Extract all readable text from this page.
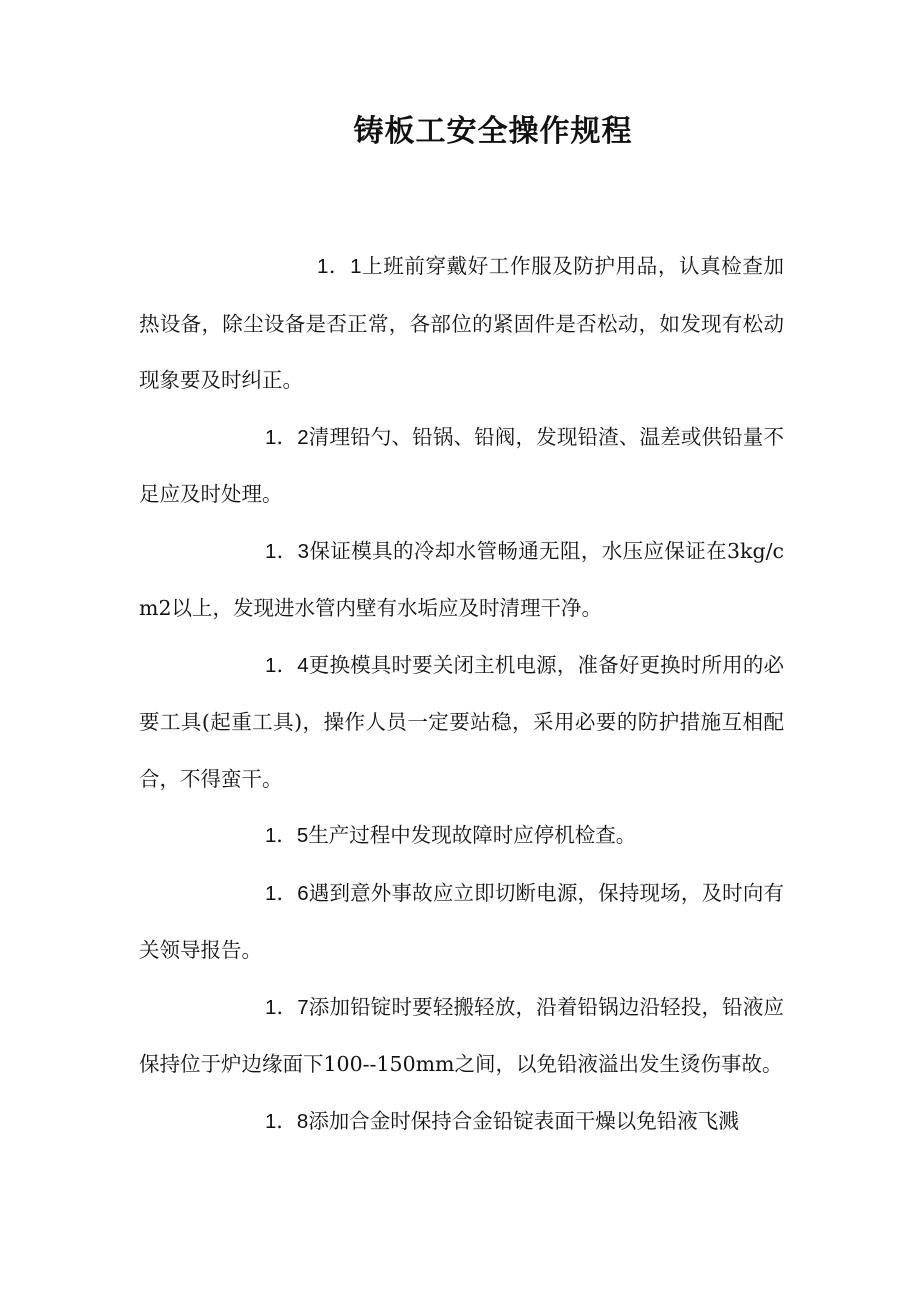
铸板工安全操作规程

1．1上班前穿戴好工作服及防护用品，认真检查加热设备，除尘设备是否正常，各部位的紧固件是否松动，如发现有松动现象要及时纠正。

1．2清理铅勺、铅锅、铅阀，发现铅渣、温差或供铅量不足应及时处理。

1．3保证模具的冷却水管畅通无阻，水压应保证在3kg/cm2以上，发现进水管内壁有水垢应及时清理干净。

1．4更换模具时要关闭主机电源，准备好更换时所用的必要工具(起重工具)，操作人员一定要站稳，采用必要的防护措施互相配合，不得蛮干。

1．5生产过程中发现故障时应停机检查。

1．6遇到意外事故应立即切断电源，保持现场，及时向有关领导报告。

1．7添加铅锭时要轻搬轻放，沿着铅锅边沿轻投，铅液应保持位于炉边缘面下100--150mm之间，以免铅液溢出发生烫伤事故。

1．8添加合金时保持合金铅锭表面干燥以免铅液飞溅
